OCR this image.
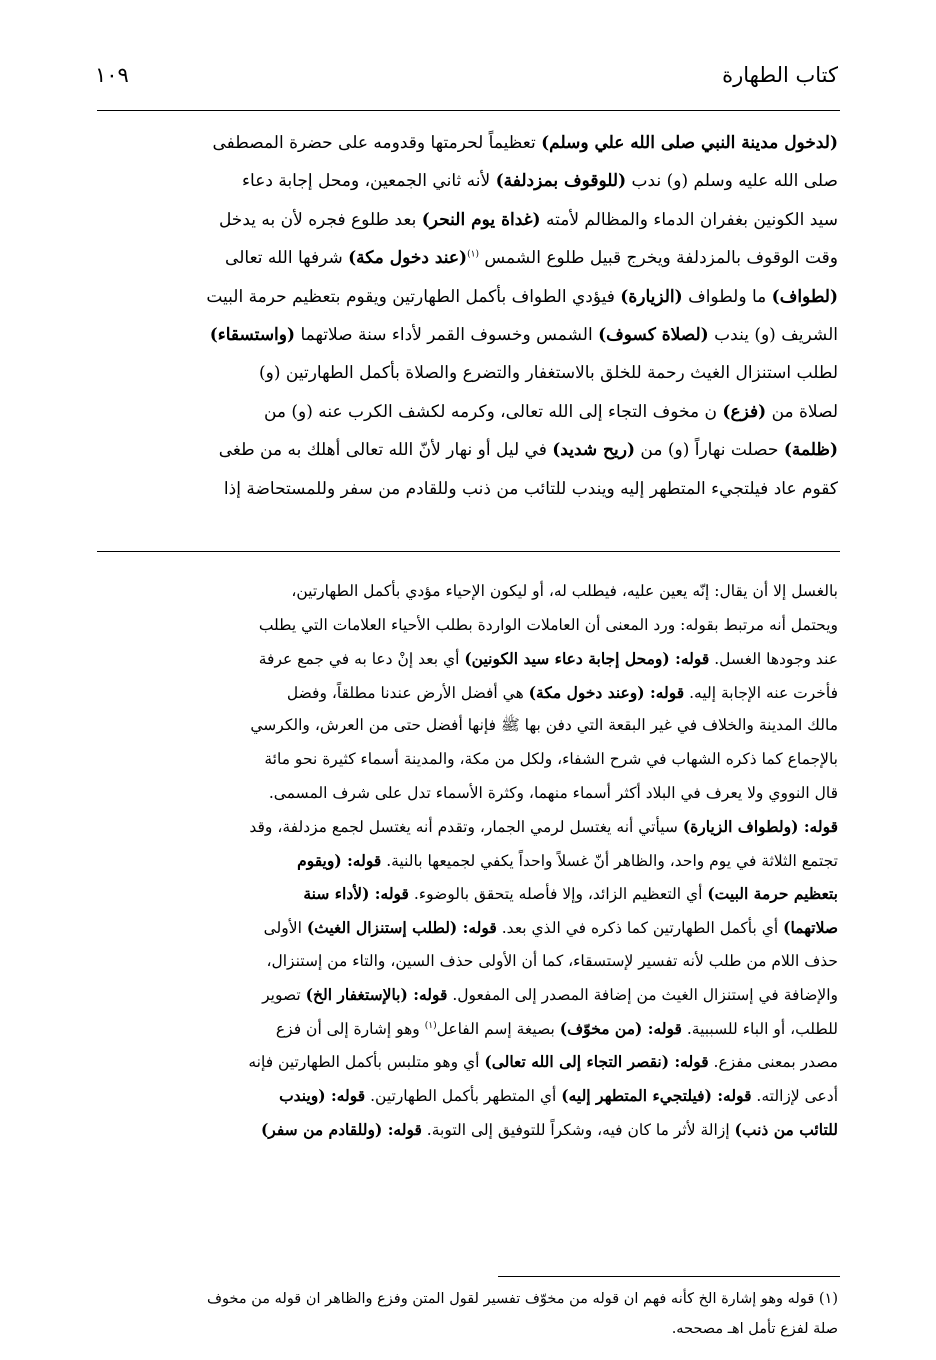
كتاب الطهارة
١٠٩
(لدخول مدينة النبي صلى الله علي وسلم) تعظيماً لحرمتها وقدومه على حضرة المصطفى
صلى الله عليه وسلم (و) ندب (للوقوف بمزدلفة) لأنه ثاني الجمعين، ومحل إجابة دعاء
سيد الكونين بغفران الدماء والمظالم لأمته (غداة يوم النحر) بعد طلوع فجره لأن به يدخل
وقت الوقوف بالمزدلفة ويخرج قبيل طلوع الشمس $^{(١)}$(عند دخول مكة) شرفها الله تعالى
(لطواف) ما ولطواف (الزيارة) فيؤدي الطواف بأكمل الطهارتين ويقوم بتعظيم حرمة البيت
الشريف (و) يندب (لصلاة كسوف) الشمس وخسوف القمر لأداء سنة صلاتهما (واستسقاء)
لطلب استنزال الغيث رحمة للخلق بالاستغفار والتضرع والصلاة بأكمل الطهارتين (و)
لصلاة من (فزع) ن مخوف التجاء إلى الله تعالى، وكرمه لكشف الكرب عنه (و) من
(ظلمة) حصلت نهاراً (و) من (ريح شديد) في ليل أو نهار لأنّ الله تعالى أهلك به من طغى
كقوم عاد فيلتجيء المتطهر إليه ويندب للتائب من ذنب وللقادم من سفر وللمستحاضة إذا
بالغسل إلا أن يقال: إنّه يعين عليه، فيطلب له، أو ليكون الإحياء مؤدي بأكمل الطهارتين،
ويحتمل أنه مرتبط بقوله: ورد المعنى أن العاملات الواردة بطلب الأحياء العلامات التي يطلب
عند وجودها الغسل. قوله: (ومحل إجابة دعاء سيد الكونين) أي بعد إنْ دعا به في جمع عرفة
فأخرت عنه الإجابة إليه. قوله: (وعند دخول مكة) هي أفضل الأرض عندنا مطلقاً، وفضل
مالك المدينة والخلاف في غير البقعة التي دفن بها ﷺ فإنها أفضل حتى من العرش، والكرسي
بالإجماع كما ذكره الشهاب في شرح الشفاء، ولكل من مكة، والمدينة أسماء كثيرة نحو مائة
قال النووي ولا يعرف في البلاد أكثر أسماء منهما، وكثرة الأسماء تدل على شرف المسمى.
قوله: (ولطواف الزيارة) سيأتي أنه يغتسل لرمي الجمار، وتقدم أنه يغتسل لجمع مزدلفة، وقد
تجتمع الثلاثة في يوم واحد، والظاهر أنّ غسلاً واحداً يكفي لجميعها بالنية. قوله: (ويقوم
بتعظيم حرمة البيت) أي التعظيم الزائد، وإلا فأصله يتحقق بالوضوء. قوله: (لأداء سنة
صلاتهما) أي بأكمل الطهارتين كما ذكره في الذي بعد. قوله: (لطلب إستنزال الغيث) الأولى
حذف اللام من طلب لأنه تفسير لإستسقاء، كما أن الأولى حذف السين، والتاء من إستنزال،
والإضافة في إستنزال الغيث من إضافة المصدر إلى المفعول. قوله: (بالإستغفار الخ) تصوير
للطلب، أو الباء للسببية. قوله: (من مخوّف) بصيغة إسم الفاعل$^{(١)}$ وهو إشارة إلى أن فزع
مصدر بمعنى مفزع. قوله: (نقصر التجاء إلى الله تعالى) أي وهو متلبس بأكمل الطهارتين فإنه
أدعى لإزالته. قوله: (فيلتجيء المتطهر إليه) أي المتطهر بأكمل الطهارتين. قوله: (ويندب
للتائب من ذنب) إزالة لأثر ما كان فيه، وشكراً للتوفيق إلى التوبة. قوله: (وللقادم من سفر)
(١) قوله وهو إشارة الخ كأنه فهم ان قوله من مخوّف تفسير لقول المتن وفزع والظاهر ان قوله من مخوف
صلة لفزع تأمل اهـ مصححه.
